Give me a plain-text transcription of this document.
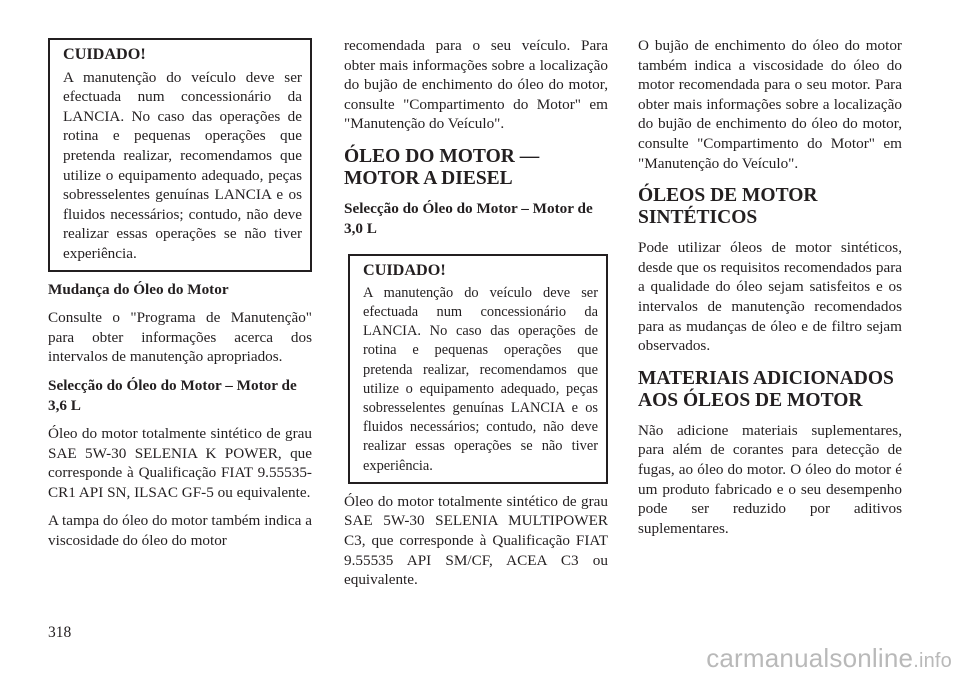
CUIDADO!

A manutenção do veículo deve ser efectuada num concessionário da LANCIA. No caso das operações de rotina e pequenas operações que pretenda realizar, recomendamos que utilize o equipamento adequado, peças sobresselentes genuínas LANCIA e os fluidos necessários; contudo, não deve realizar essas operações se não tiver experiência.

Mudança do Óleo do Motor

Consulte o "Programa de Manutenção" para obter informações acerca dos intervalos de manutenção apropriados.

Selecção do Óleo do Motor – Motor de 3,6 L

Óleo do motor totalmente sintético de grau SAE 5W-30 SELENIA K POWER, que corresponde à Qualificação FIAT 9.55535-CR1 API SN, ILSAC GF-5 ou equivalente.

A tampa do óleo do motor também indica a viscosidade do óleo do motor

recomendada para o seu veículo. Para obter mais informações sobre a localização do bujão de enchimento do óleo do motor, consulte "Compartimento do Motor" em "Manutenção do Veículo".

ÓLEO DO MOTOR — MOTOR A DIESEL
Selecção do Óleo do Motor – Motor de 3,0 L
CUIDADO!

A manutenção do veículo deve ser efectuada num concessionário da LANCIA. No caso das operações de rotina e pequenas operações que pretenda realizar, recomendamos que utilize o equipamento adequado, peças sobresselentes genuínas LANCIA e os fluidos necessários; contudo, não deve realizar essas operações se não tiver experiência.

Óleo do motor totalmente sintético de grau SAE 5W-30 SELENIA MULTIPOWER C3, que corresponde à Qualificação FIAT 9.55535 API SM/CF, ACEA C3 ou equivalente.

O bujão de enchimento do óleo do motor também indica a viscosidade do óleo do motor recomendada para o seu motor. Para obter mais informações sobre a localização do bujão de enchimento do óleo do motor, consulte "Compartimento do Motor" em "Manutenção do Veículo".

ÓLEOS DE MOTOR SINTÉTICOS

Pode utilizar óleos de motor sintéticos, desde que os requisitos recomendados para a qualidade do óleo sejam satisfeitos e os intervalos de manutenção recomendados para as mudanças de óleo e de filtro sejam observados.

MATERIAIS ADICIONADOS AOS ÓLEOS DE MOTOR

Não adicione materiais suplementares, para além de corantes para detecção de fugas, ao óleo do motor. O óleo do motor é um produto fabricado e o seu desempenho pode ser reduzido por aditivos suplementares.

318
carmanualsonline.info
